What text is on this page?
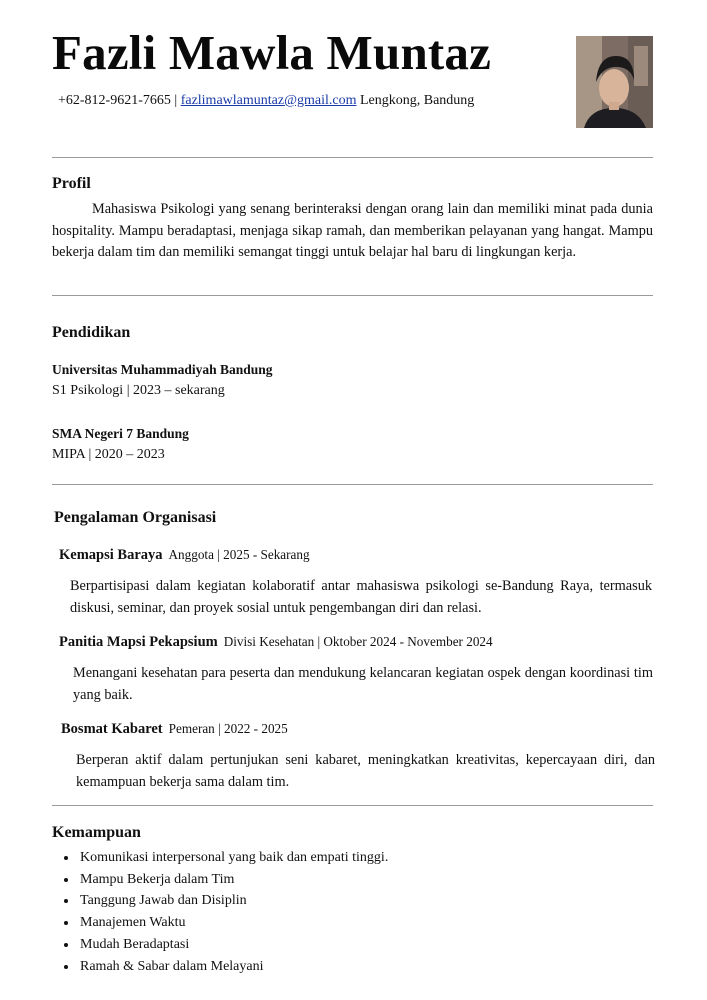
Fazli Mawla Muntaz
+62-812-9621-7665 | fazlimawlamuntaz@gmail.com Lengkong, Bandung
Profil

Mahasiswa Psikologi yang senang berinteraksi dengan orang lain dan memiliki minat pada dunia hospitality. Mampu beradaptasi, menjaga sikap ramah, dan memberikan pelayanan yang hangat. Mampu bekerja dalam tim dan memiliki semangat tinggi untuk belajar hal baru di lingkungan kerja.

Pendidikan
Universitas Muhammadiyah Bandung
S1 Psikologi | 2023 – sekarang
SMA Negeri 7 Bandung
MIPA | 2020 – 2023
Pengalaman Organisasi
Kemapsi Baraya Anggota | 2025 - Sekarang

Berpartisipasi dalam kegiatan kolaboratif antar mahasiswa psikologi se-Bandung Raya, termasuk diskusi, seminar, dan proyek sosial untuk pengembangan diri dan relasi.

Panitia Mapsi Pekapsium Divisi Kesehatan | Oktober 2024 - November 2024

Menangani kesehatan para peserta dan mendukung kelancaran kegiatan ospek dengan koordinasi tim yang baik.

Bosmat Kabaret Pemeran | 2022 - 2025

Berperan aktif dalam pertunjukan seni kabaret, meningkatkan kreativitas, kepercayaan diri, dan kemampuan bekerja sama dalam tim.

Kemampuan
• Komunikasi interpersonal yang baik dan empati tinggi.
• Mampu Bekerja dalam Tim
• Tanggung Jawab dan Disiplin
• Manajemen Waktu
• Mudah Beradaptasi
• Ramah & Sabar dalam Melayani
